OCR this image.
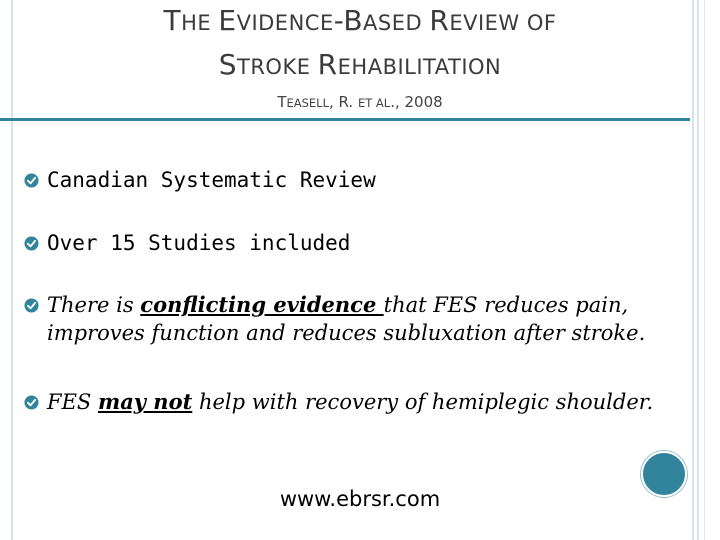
THE EVIDENCE-BASED REVIEW OF
STROKE REHABILITATION
TEASELL, R. ET AL., 2008
Canadian Systematic Review
Over 15 Studies included
There is conflicting evidence that FES reduces pain,
improves function and reduces subluxation after stroke.
FES may not help with recovery of hemiplegic shoulder.
www.ebrsr.com
